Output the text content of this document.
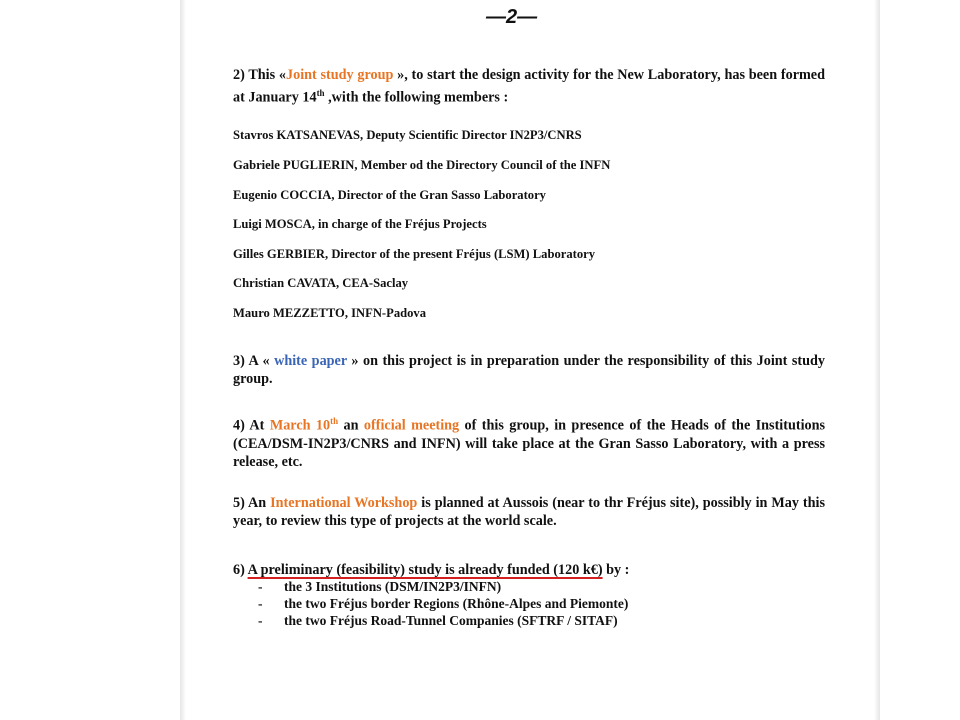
—2—
2) This «Joint study group », to start the design activity for the New Laboratory, has been formed at January 14th ,with the following members :
Stavros KATSANEVAS, Deputy Scientific Director IN2P3/CNRS
Gabriele PUGLIERIN, Member od the Directory Council of the INFN
Eugenio COCCIA, Director of the Gran Sasso Laboratory
Luigi MOSCA, in charge of the Fréjus Projects
Gilles GERBIER, Director of the present Fréjus (LSM) Laboratory
Christian CAVATA, CEA-Saclay
Mauro MEZZETTO, INFN-Padova
3) A « white paper » on this project is in preparation under the responsibility of this Joint study group.
4) At March 10th an official meeting of this group, in presence of the Heads of the Institutions (CEA/DSM-IN2P3/CNRS and INFN) will take place at the Gran Sasso Laboratory, with a press release, etc.
5) An International Workshop is planned at Aussois (near to thr Fréjus site), possibly in May this year, to review this type of projects at the world scale.
6) A preliminary (feasibility) study is already funded (120 k€) by :
- the 3 Institutions (DSM/IN2P3/INFN)
- the two Fréjus border Regions (Rhône-Alpes and Piemonte)
- the two Fréjus Road-Tunnel Companies (SFTRF / SITAF)
